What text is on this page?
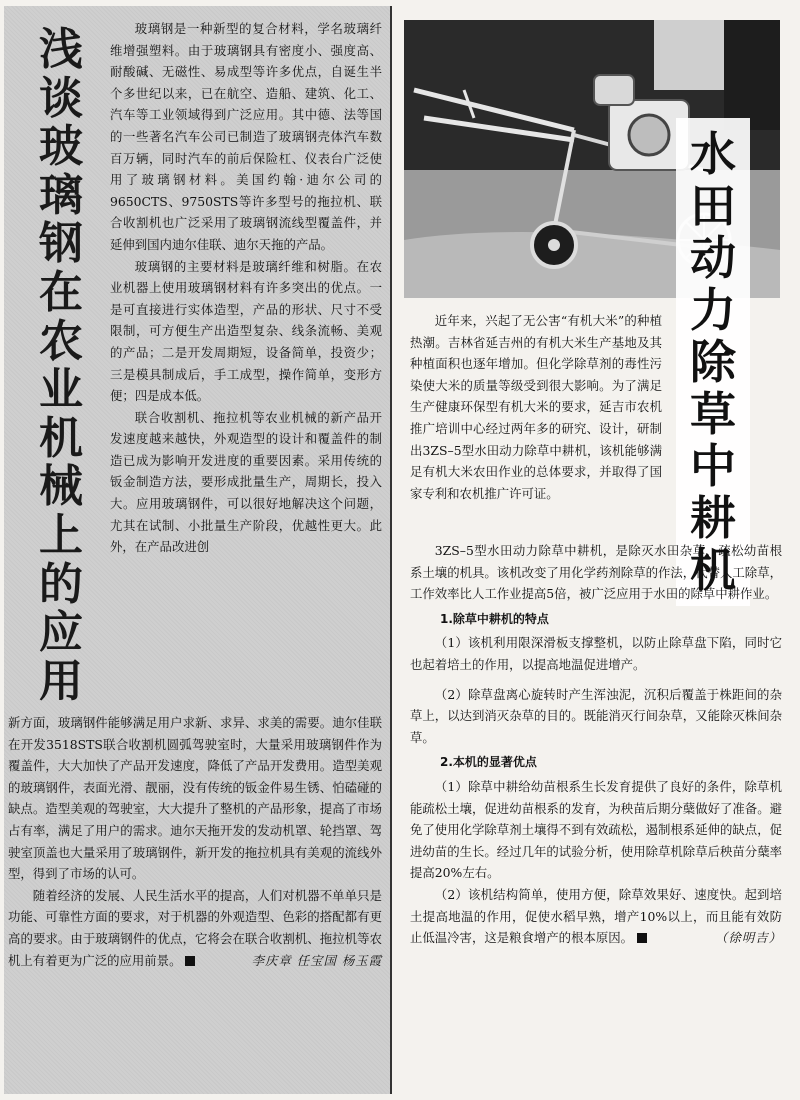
浅
谈
玻
璃
钢
在
农
业
机
械
上
的
应
用

玻璃钢是一种新型的复合材料，学名玻璃纤维增强塑料。由于玻璃钢具有密度小、强度高、耐酸碱、无磁性、易成型等许多优点，自诞生半个多世纪以来，已在航空、造船、建筑、化工、汽车等工业领域得到广泛应用。其中德、法等国的一些著名汽车公司已制造了玻璃钢壳体汽车数百万辆，同时汽车的前后保险杠、仪表台广泛使用了玻璃钢材料。美国约翰·迪尔公司的9650CTS、9750STS等许多型号的拖拉机、联合收割机也广泛采用了玻璃钢流线型覆盖件，并延伸到国内迪尔佳联、迪尔天拖的产品。

玻璃钢的主要材料是玻璃纤维和树脂。在农业机器上使用玻璃钢材料有许多突出的优点。一是可直接进行实体造型，产品的形状、尺寸不受限制，可方便生产出造型复杂、线条流畅、美观的产品；二是开发周期短，设备简单，投资少；三是模具制成后，手工成型，操作简单，变形方便；四是成本低。

联合收割机、拖拉机等农业机械的新产品开发速度越来越快，外观造型的设计和覆盖件的制造已成为影响开发进度的重要因素。采用传统的钣金制造方法，要形成批量生产，周期长，投入大。应用玻璃钢件，可以很好地解决这个问题，尤其在试制、小批量生产阶段，优越性更大。此外，在产品改进创

新方面，玻璃钢件能够满足用户求新、求异、求美的需要。迪尔佳联在开发3518STS联合收割机圆弧驾驶室时，大量采用玻璃钢件作为覆盖件，大大加快了产品开发速度，降低了产品开发费用。造型美观的玻璃钢件，表面光滑、靓丽，没有传统的钣金件易生锈、怕磕碰的缺点。造型美观的驾驶室，大大提升了整机的产品形象，提高了市场占有率，满足了用户的需求。迪尔天拖开发的发动机罩、轮挡罩、驾驶室顶盖也大量采用了玻璃钢件，新开发的拖拉机具有美观的流线外型，得到了市场的认可。

随着经济的发展、人民生活水平的提高，人们对机器不单单只是功能、可靠性方面的要求，对于机器的外观造型、色彩的搭配都有更高的要求。由于玻璃钢件的优点，它将会在联合收割机、拖拉机等农机上有着更为广泛的应用前景。	李庆章 任宝国 杨玉霞

水
田
动
力
除
草
中
耕
机

近年来，兴起了无公害“有机大米”的种植热潮。吉林省延吉州的有机大米生产基地及其种植面积也逐年增加。但化学除草剂的毒性污染使大米的质量等级受到很大影响。为了满足生产健康环保型有机大米的要求，延吉市农机推广培训中心经过两年多的研究、设计，研制出3ZS–5型水田动力除草中耕机，该机能够满足有机大米农田作业的总体要求，并取得了国家专利和农机推广许可证。

3ZS–5型水田动力除草中耕机，是除灭水田杂草、疏松幼苗根系土壤的机具。该机改变了用化学药剂除草的作法，代替人工除草，工作效率比人工作业提高5倍，被广泛应用于水田的除草中耕作业。

1.除草中耕机的特点

（1）该机利用限深滑板支撑整机，以防止除草盘下陷，同时它也起着培土的作用，以提高地温促进增产。

（2）除草盘离心旋转时产生浑浊泥，沉积后覆盖于株距间的杂草上，以达到消灭杂草的目的。既能消灭行间杂草，又能除灭株间杂草。

2.本机的显著优点

（1）除草中耕给幼苗根系生长发育提供了良好的条件，除草机能疏松土壤，促进幼苗根系的发育，为秧苗后期分蘖做好了准备。避免了使用化学除草剂土壤得不到有效疏松，遏制根系延伸的缺点，促进幼苗的生长。经过几年的试验分析，使用除草机除草后秧苗分蘖率提高20%左右。

（2）该机结构简单，使用方便，除草效果好、速度快。起到培土提高地温的作用，促使水稻早熟，增产10%以上，而且能有效防止低温冷害，这是粮食增产的根本原因。	（徐明吉）
